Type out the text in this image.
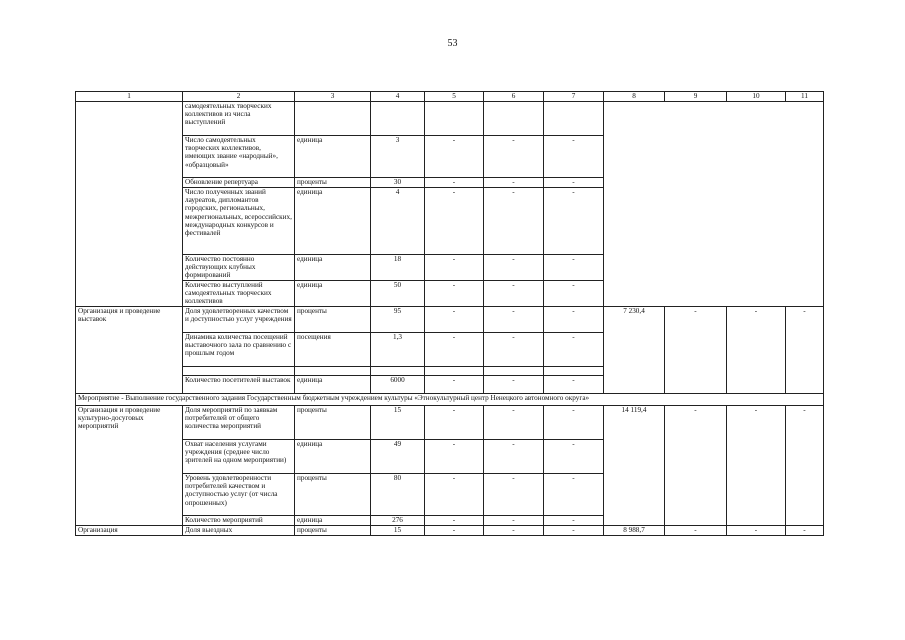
53
1	2	3	4	5	6	7	8	9	10	11
	самодеятельных творческих коллективов из числа выступлений									
	Число самодеятельных творческих коллективов, имеющих звание «народный», «образцовый»	единица	3	-	-	-				
	Обновление репертуара	проценты	30	-	-	-				
	Число полученных званий лауреатов, дипломантов городских, региональных, межрегиональных, всероссийских, международных конкурсов и фестивалей	единица	4	-	-	-				
	Количество постоянно действующих клубных формирований	единица	18	-	-	-				
	Количество выступлений самодеятельных творческих коллективов	единица	50	-	-	-				
Организация и проведение выставок	Доля удовлетворенных качеством и доступностью услуг учреждения	проценты	95	-	-	-	7 230,4	-	-	-
	Динамика количества посещений выставочного зала по сравнению с прошлым годом	посещения	1,3	-	-	-				

	Количество посетителей выставок	единица	6000	-	-	-				
Мероприятие - Выполнение государственного задания Государственным бюджетным учреждением культуры «Этнокультурный центр Ненецкого автономного округа»										
Организация и проведение культурно-досуговых мероприятий	Доля мероприятий по заявкам потребителей от общего количества мероприятий	проценты	15	-	-	-	14 119,4	-	-	-
	Охват населения услугами учреждения (среднее число зрителей на одном мероприятии)	единица	49	-	-	-				
	Уровень удовлетворенности потребителей качеством и доступностью услуг (от числа опрошенных)	проценты	80	-	-	-				
	Количество мероприятий	единица	276	-	-	-				
Организация	Доля выездных	проценты	15	-	-	-	8 988,7	-	-	-
